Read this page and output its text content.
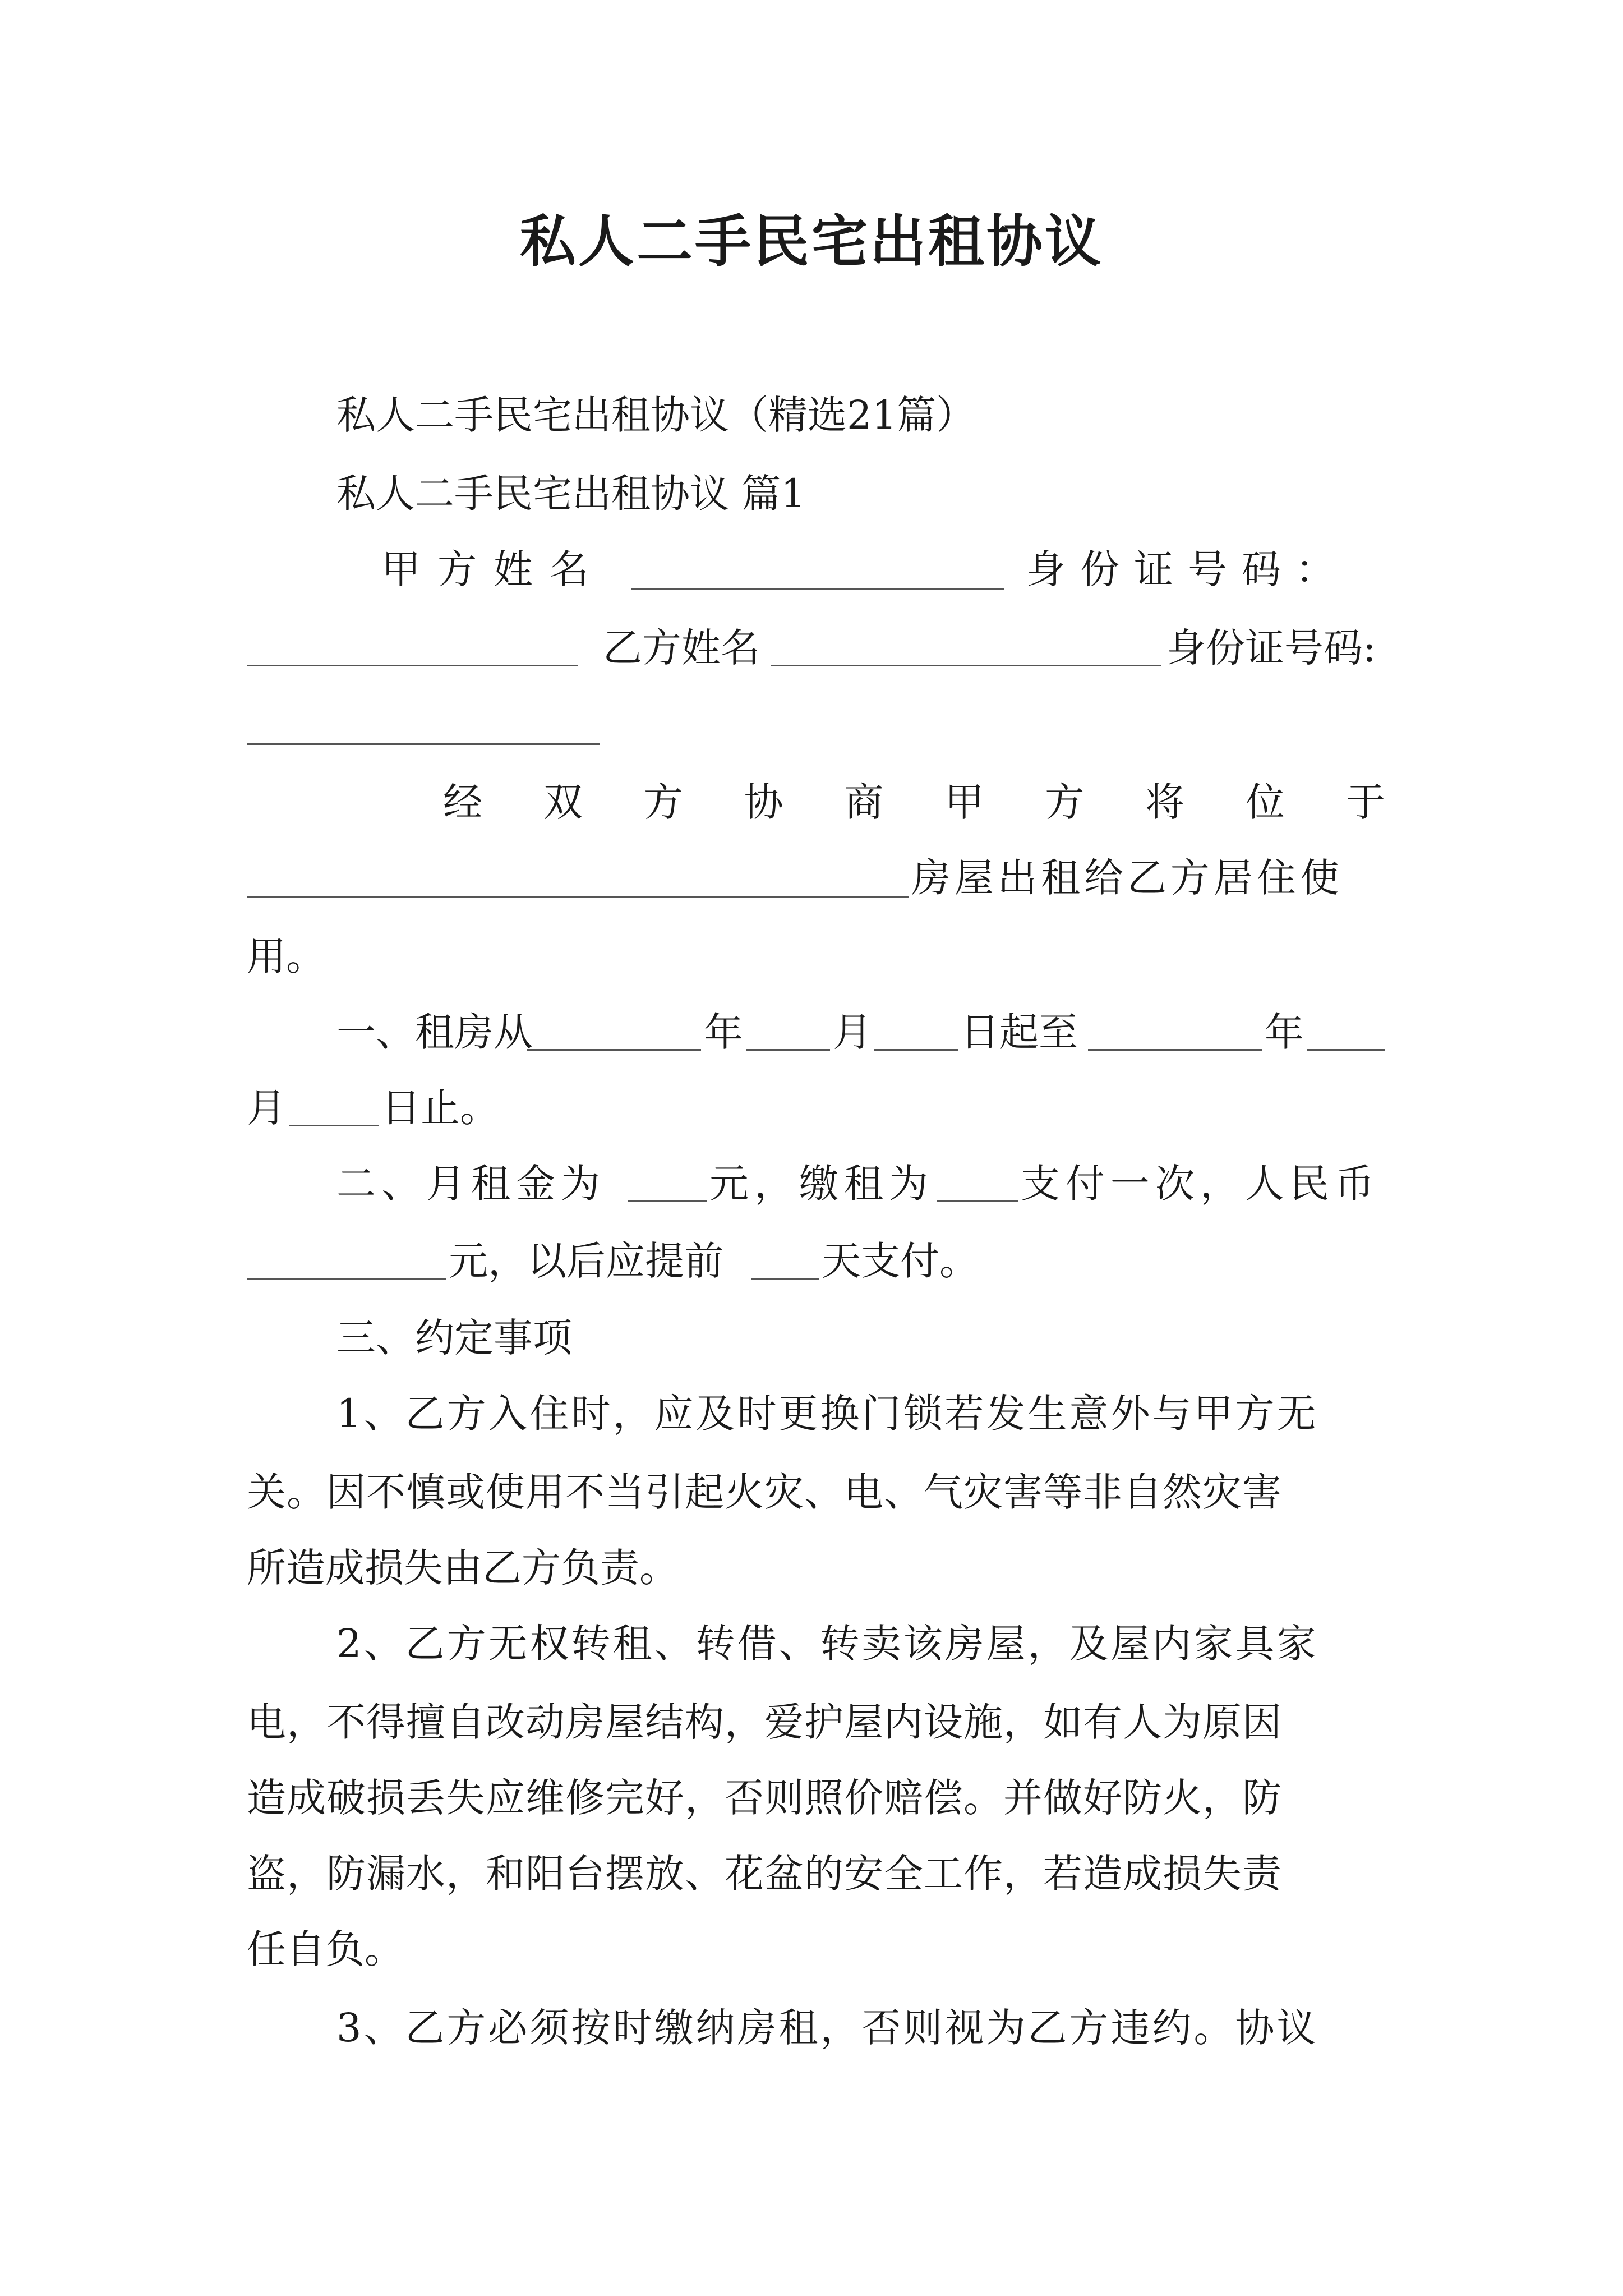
私人二手民宅出租协议
私人二手民宅出租协议（精选21篇）
私人二手民宅出租协议 篇1
甲 方 姓 名	身份证号码：
乙方姓名	身份证号码:
经 双 方 协 商 甲 方 将 位 于
房屋出租给乙方居住使
用。
一、租房从	年 月 日起至	年
月 日止。
二、月租金为	元，缴租为 支付一次，人民币
元，以后应提前	天支付。
三、约定事项
1、乙方入住时，应及时更换门锁若发生意外与甲方无
关。因不慎或使用不当引起火灾、电、气灾害等非自然灾害
所造成损失由乙方负责。
2、乙方无权转租、转借、转卖该房屋，及屋内家具家
电，不得擅自改动房屋结构，爱护屋内设施，如有人为原因
造成破损丢失应维修完好，否则照价赔偿。并做好防火，防
盗，防漏水，和阳台摆放、花盆的安全工作，若造成损失责
任自负。
3、乙方必须按时缴纳房租，否则视为乙方违约。协议
